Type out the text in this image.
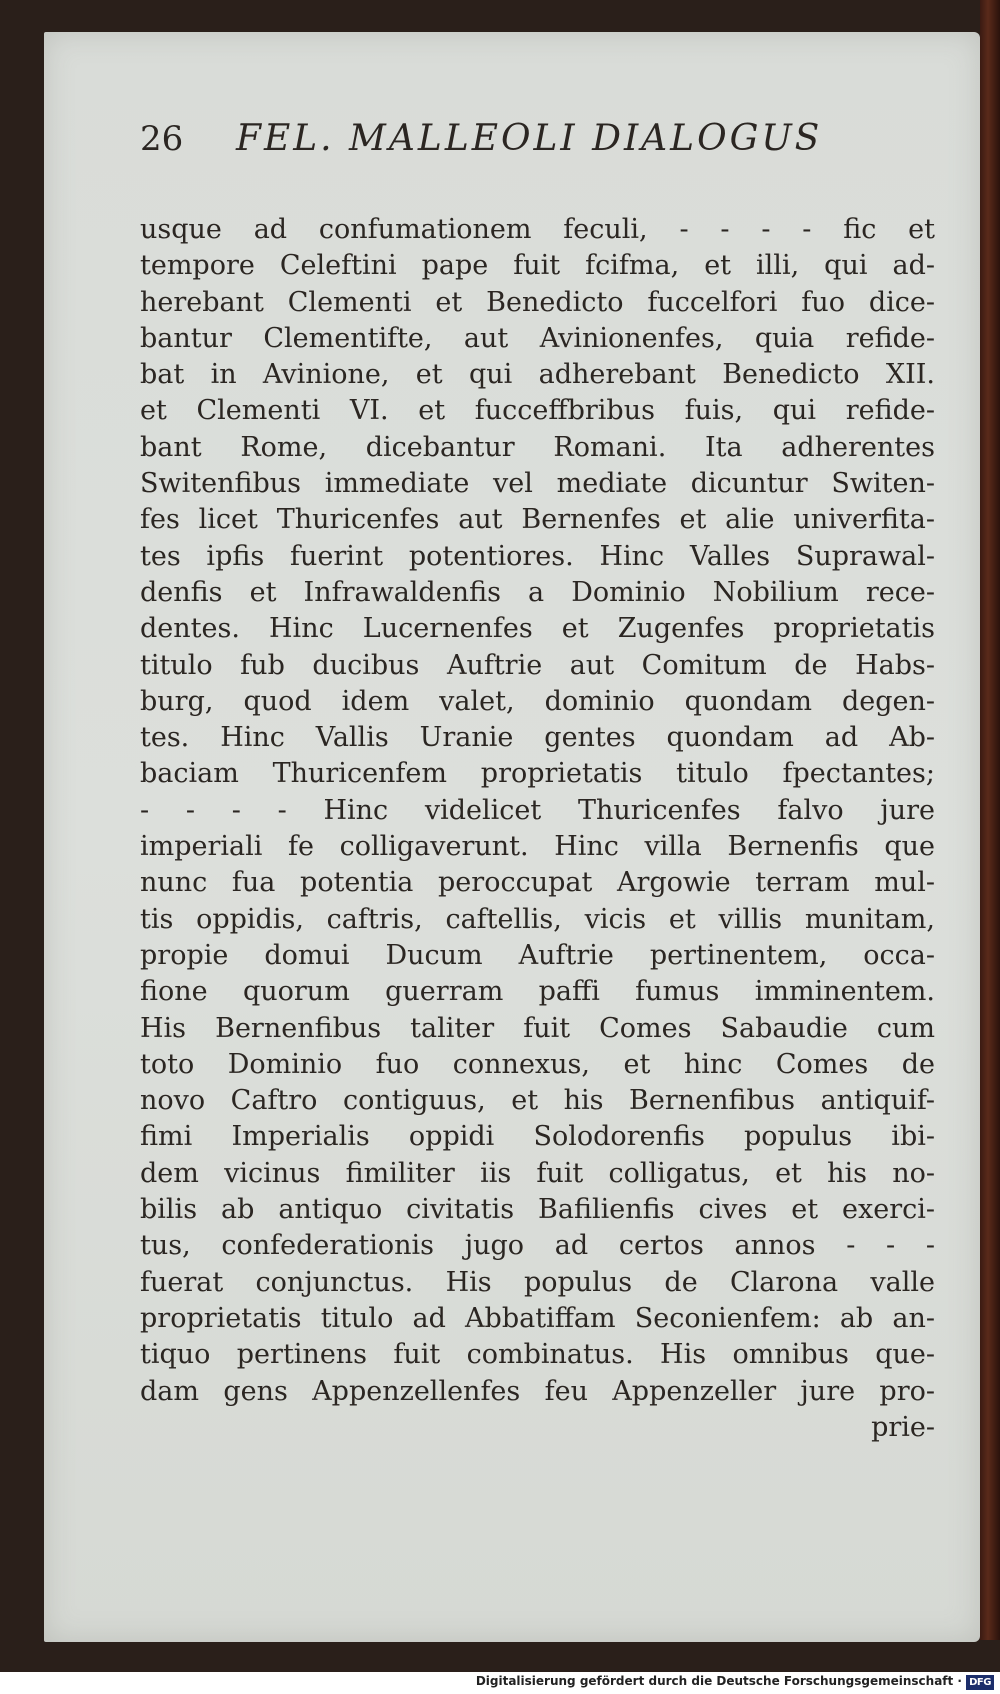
26	FEL. MALLEOLI DIALOGUS
usque ad confumationem feculi, - - - - fic et
tempore Celeftini pape fuit fcifma, et illi, qui ad-
herebant Clementi et Benedicto fuccelfori fuo dice-
bantur Clementifte, aut Avinionenfes, quia refide-
bat in Avinione, et qui adherebant Benedicto XII.
et Clementi VI. et fucceffbribus fuis, qui refide-
bant Rome, dicebantur Romani. Ita adherentes
Switenfibus immediate vel mediate dicuntur Switen-
fes licet Thuricenfes aut Bernenfes et alie univerfita-
tes ipfis fuerint potentiores. Hinc Valles Suprawal-
denfis et Infrawaldenfis a Dominio Nobilium rece-
dentes. Hinc Lucernenfes et Zugenfes proprietatis
titulo fub ducibus Auftrie aut Comitum de Habs-
burg, quod idem valet, dominio quondam degen-
tes. Hinc Vallis Uranie gentes quondam ad Ab-
baciam Thuricenfem proprietatis titulo fpectantes;
- - - - Hinc videlicet Thuricenfes falvo jure
imperiali fe colligaverunt. Hinc villa Bernenfis que
nunc fua potentia peroccupat Argowie terram mul-
tis oppidis, caftris, caftellis, vicis et villis munitam,
propie domui Ducum Auftrie pertinentem, occa-
fione quorum guerram paffi fumus imminentem.
His Bernenfibus taliter fuit Comes Sabaudie cum
toto Dominio fuo connexus, et hinc Comes de
novo Caftro contiguus, et his Bernenfibus antiquif-
fimi Imperialis oppidi Solodorenfis populus ibi-
dem vicinus fimiliter iis fuit colligatus, et his no-
bilis ab antiquo civitatis Bafilienfis cives et exerci-
tus, confederationis jugo ad certos annos - - -
fuerat conjunctus. His populus de Clarona valle
proprietatis titulo ad Abbatiffam Seconienfem: ab an-
tiquo pertinens fuit combinatus. His omnibus que-
dam gens Appenzellenfes feu Appenzeller jure pro-
prie-
Digitalisierung gefördert durch die Deutsche Forschungsgemeinschaft · DFG
